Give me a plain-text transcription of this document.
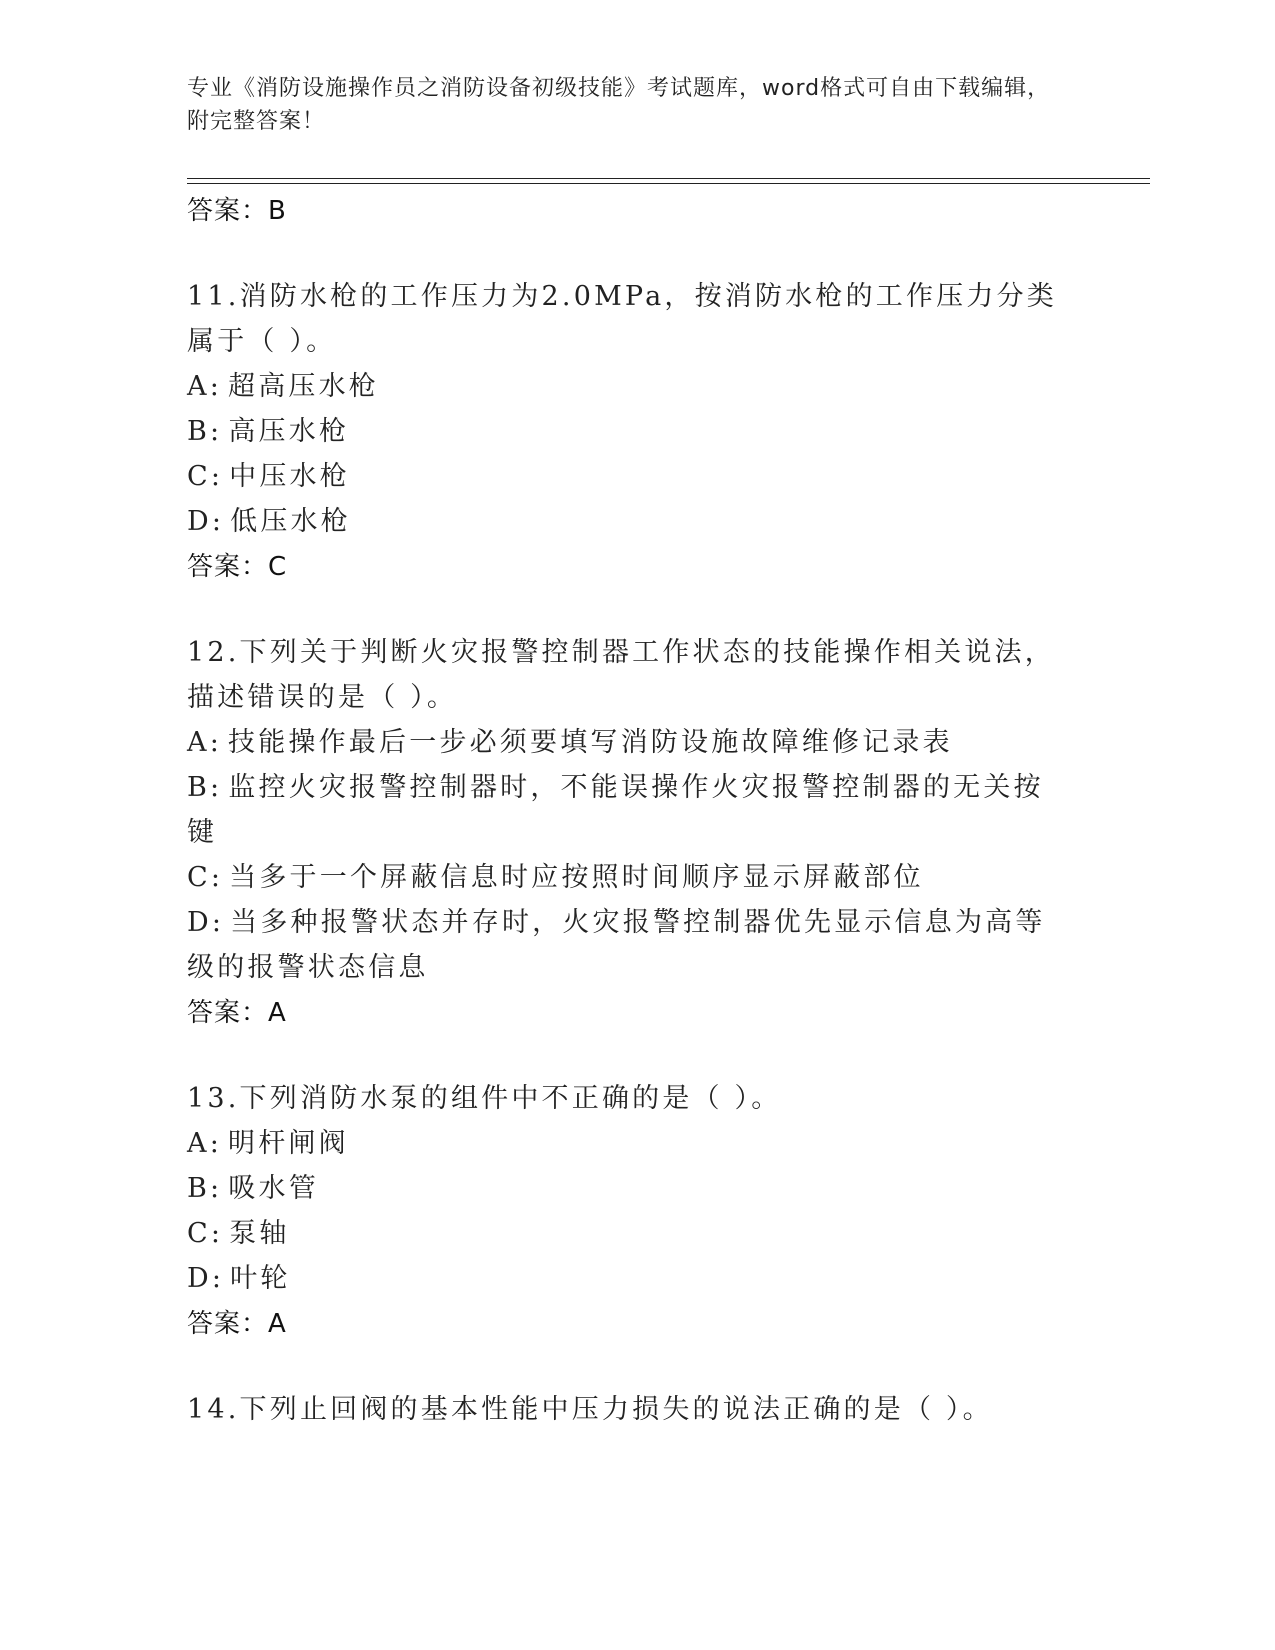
专业《消防设施操作员之消防设备初级技能》考试题库，word格式可自由下载编辑，附完整答案！
答案：B
11.消防水枪的工作压力为2.0MPa，按消防水枪的工作压力分类属于（ ）。
A: 超高压水枪
B: 高压水枪
C: 中压水枪
D: 低压水枪
答案：C
12.下列关于判断火灾报警控制器工作状态的技能操作相关说法，描述错误的是（ ）。
A: 技能操作最后一步必须要填写消防设施故障维修记录表
B: 监控火灾报警控制器时，不能误操作火灾报警控制器的无关按键
C: 当多于一个屏蔽信息时应按照时间顺序显示屏蔽部位
D: 当多种报警状态并存时，火灾报警控制器优先显示信息为高等级的报警状态信息
答案：A
13.下列消防水泵的组件中不正确的是（ ）。
A: 明杆闸阀
B: 吸水管
C: 泵轴
D: 叶轮
答案：A
14.下列止回阀的基本性能中压力损失的说法正确的是（ ）。
